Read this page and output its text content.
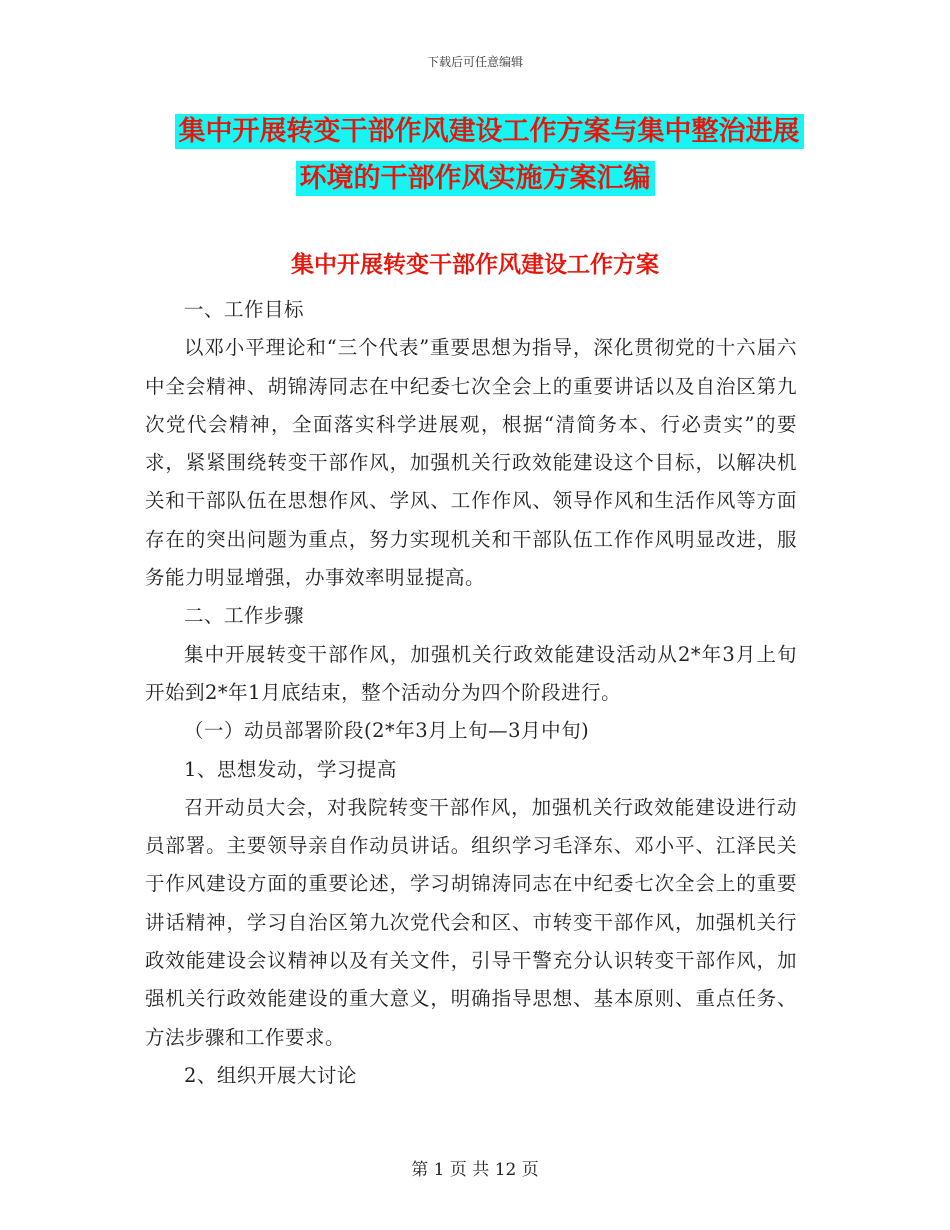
下载后可任意编辑
集中开展转变干部作风建设工作方案与集中整治进展
环境的干部作风实施方案汇编
集中开展转变干部作风建设工作方案

一、工作目标

以邓小平理论和“三个代表”重要思想为指导，深化贯彻党的十六届六中全会精神、胡锦涛同志在中纪委七次全会上的重要讲话以及自治区第九次党代会精神，全面落实科学进展观，根据“清简务本、行必责实”的要求，紧紧围绕转变干部作风，加强机关行政效能建设这个目标，以解决机关和干部队伍在思想作风、学风、工作作风、领导作风和生活作风等方面存在的突出问题为重点，努力实现机关和干部队伍工作作风明显改进，服务能力明显增强，办事效率明显提高。

二、工作步骤

集中开展转变干部作风，加强机关行政效能建设活动从2*年3月上旬开始到2*年1月底结束，整个活动分为四个阶段进行。

（一）动员部署阶段(2*年3月上旬—3月中旬)

1、思想发动，学习提高

召开动员大会，对我院转变干部作风，加强机关行政效能建设进行动员部署。主要领导亲自作动员讲话。组织学习毛泽东、邓小平、江泽民关于作风建设方面的重要论述，学习胡锦涛同志在中纪委七次全会上的重要讲话精神，学习自治区第九次党代会和区、市转变干部作风，加强机关行政效能建设会议精神以及有关文件，引导干警充分认识转变干部作风，加强机关行政效能建设的重大意义，明确指导思想、基本原则、重点任务、方法步骤和工作要求。

2、组织开展大讨论

第 1 页 共 12 页
